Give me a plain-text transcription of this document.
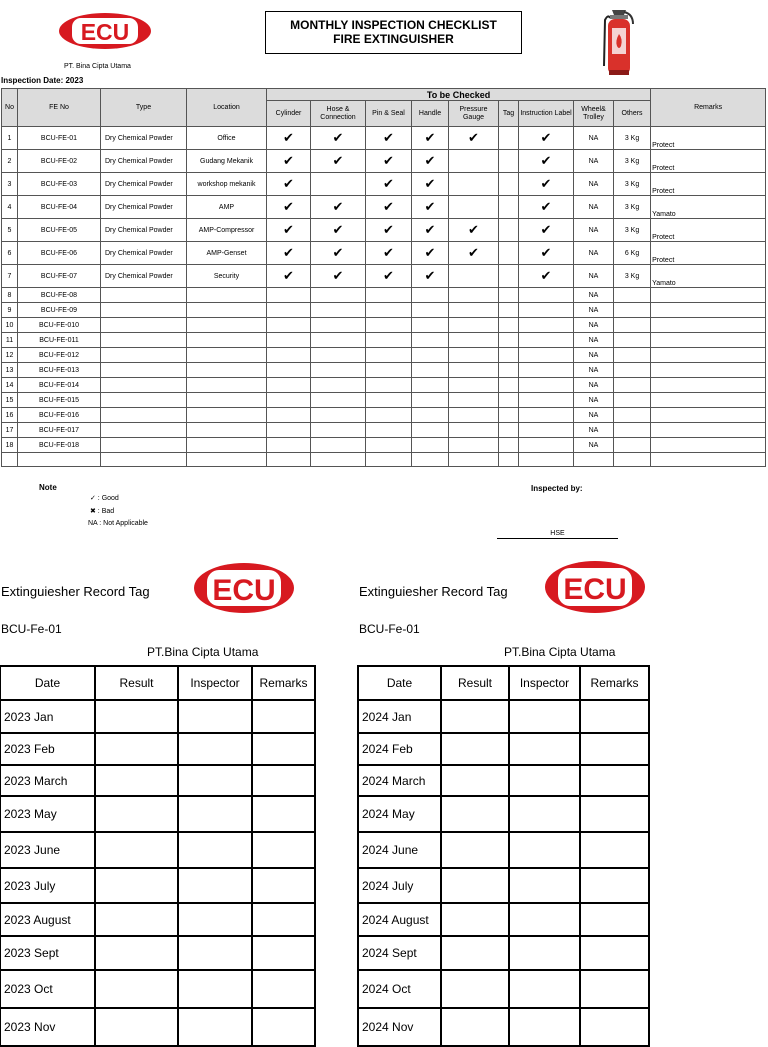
ECU
PT. Bina Cipta Utama
MONTHLY INSPECTION CHECKLIST
FIRE EXTINGUISHER
Inspection Date: 2023
No	FE No	Type	Location	To be Checked									Remarks
				Cylinder	Hose & Connection	Pin & Seal	Handle	Pressure Gauge	Tag	Instruction Label	Wheel& Trolley	Others	
1	BCU-FE-01	Dry Chemical Powder	Office	✔	✔	✔	✔	✔		✔	NA	3 Kg	Protect
2	BCU-FE-02	Dry Chemical Powder	Gudang Mekanik	✔	✔	✔	✔			✔	NA	3 Kg	Protect
3	BCU-FE-03	Dry Chemical Powder	workshop mekanik	✔		✔	✔			✔	NA	3 Kg	Protect
4	BCU-FE-04	Dry Chemical Powder	AMP	✔	✔	✔	✔			✔	NA	3 Kg	Yamato
5	BCU-FE-05	Dry Chemical Powder	AMP-Compressor	✔	✔	✔	✔	✔		✔	NA	3 Kg	Protect
6	BCU-FE-06	Dry Chemical Powder	AMP-Genset	✔	✔	✔	✔	✔		✔	NA	6 Kg	Protect
7	BCU-FE-07	Dry Chemical Powder	Security	✔	✔	✔	✔			✔	NA	3 Kg	Yamato
8	BCU-FE-08										NA		
9	BCU-FE-09										NA		
10	BCU-FE-010										NA		
11	BCU-FE-011										NA		
12	BCU-FE-012										NA		
13	BCU-FE-013										NA		
14	BCU-FE-014										NA		
15	BCU-FE-015										NA		
16	BCU-FE-016										NA		
17	BCU-FE-017										NA		
18	BCU-FE-018										NA		

Note
✓ : Good
✖ : Bad
NA : Not Applicable
Inspected by:
HSE
Extinguiesher Record Tag ECU
BCU-Fe-01
PT.Bina Cipta Utama
Date	Result	Inspector	Remarks
2023 Jan			
2023 Feb			
2023 March			
2023 May			
2023 June			
2023 July			
2023 August			
2023 Sept			
2023 Oct			
2023 Nov			
Extinguiesher Record Tag ECU
BCU-Fe-01
PT.Bina Cipta Utama
Date	Result	Inspector	Remarks
2024 Jan			
2024 Feb			
2024 March			
2024 May			
2024 June			
2024 July			
2024 August			
2024 Sept			
2024 Oct			
2024 Nov			
